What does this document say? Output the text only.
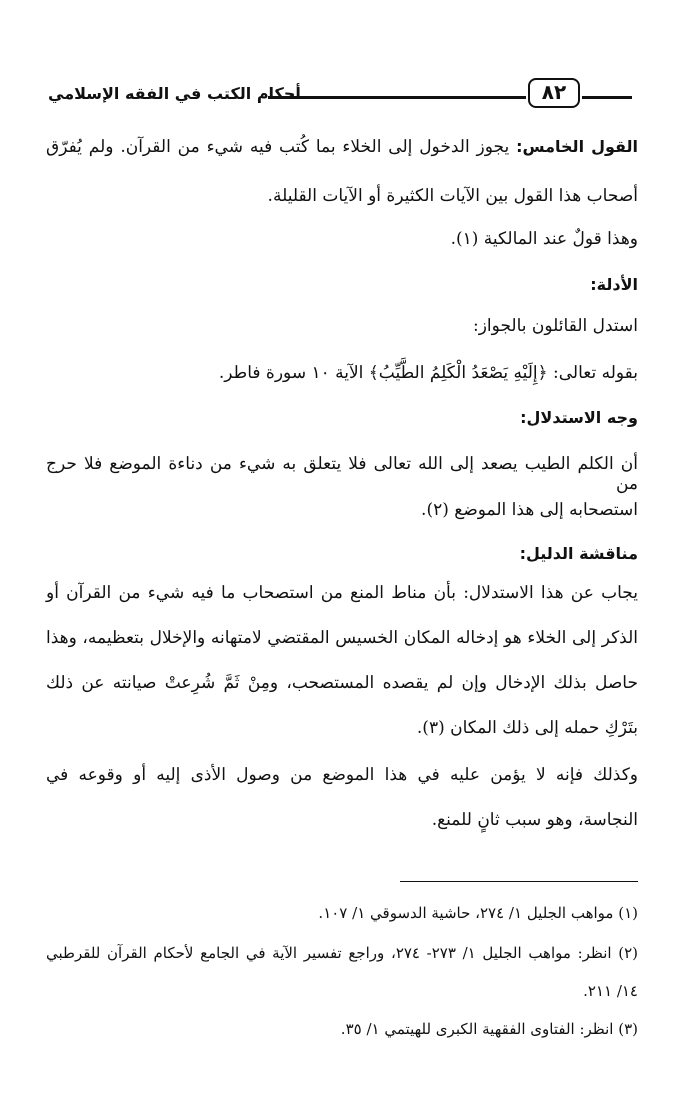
أحكام الكتب في الفقه الإسلامي	٨٢
القول الخامس: يجوز الدخول إلى الخلاء بما كُتب فيه شيء من القرآن. ولم يُفرّق
أصحاب هذا القول بين الآيات الكثيرة أو الآيات القليلة.
وهذا قولٌ عند المالكية (١).
الأدلة:
استدل القائلون بالجواز:
بقوله تعالى: ﴿إِلَيْهِ يَصْعَدُ الْكَلِمُ الطَّيِّبُ﴾ الآية ١٠ سورة فاطر.
وجه الاستدلال:
أن الكلم الطيب يصعد إلى الله تعالى فلا يتعلق به شيء من دناءة الموضع فلا حرج من
استصحابه إلى هذا الموضع (٢).
مناقشة الدليل:
يجاب عن هذا الاستدلال: بأن مناط المنع من استصحاب ما فيه شيء من القرآن أو
الذكر إلى الخلاء هو إدخاله المكان الخسيس المقتضي لامتهانه والإخلال بتعظيمه، وهذا
حاصل بذلك الإدخال وإن لم يقصده المستصحب، ومِنْ ثَمَّ شُرِعتْ صيانته عن ذلك
بتَرْكِ حمله إلى ذلك المكان (٣).
وكذلك فإنه لا يؤمن عليه في هذا الموضع من وصول الأذى إليه أو وقوعه في
النجاسة، وهو سبب ثانٍ للمنع.
(١) مواهب الجليل ١/ ٢٧٤، حاشية الدسوقي ١/ ١٠٧.
(٢) انظر: مواهب الجليل ١/ ٢٧٣- ٢٧٤، وراجع تفسير الآية في الجامع لأحكام القرآن للقرطبي
١٤/ ٢١١.
(٣) انظر: الفتاوى الفقهية الكبرى للهيتمي ١/ ٣٥.
